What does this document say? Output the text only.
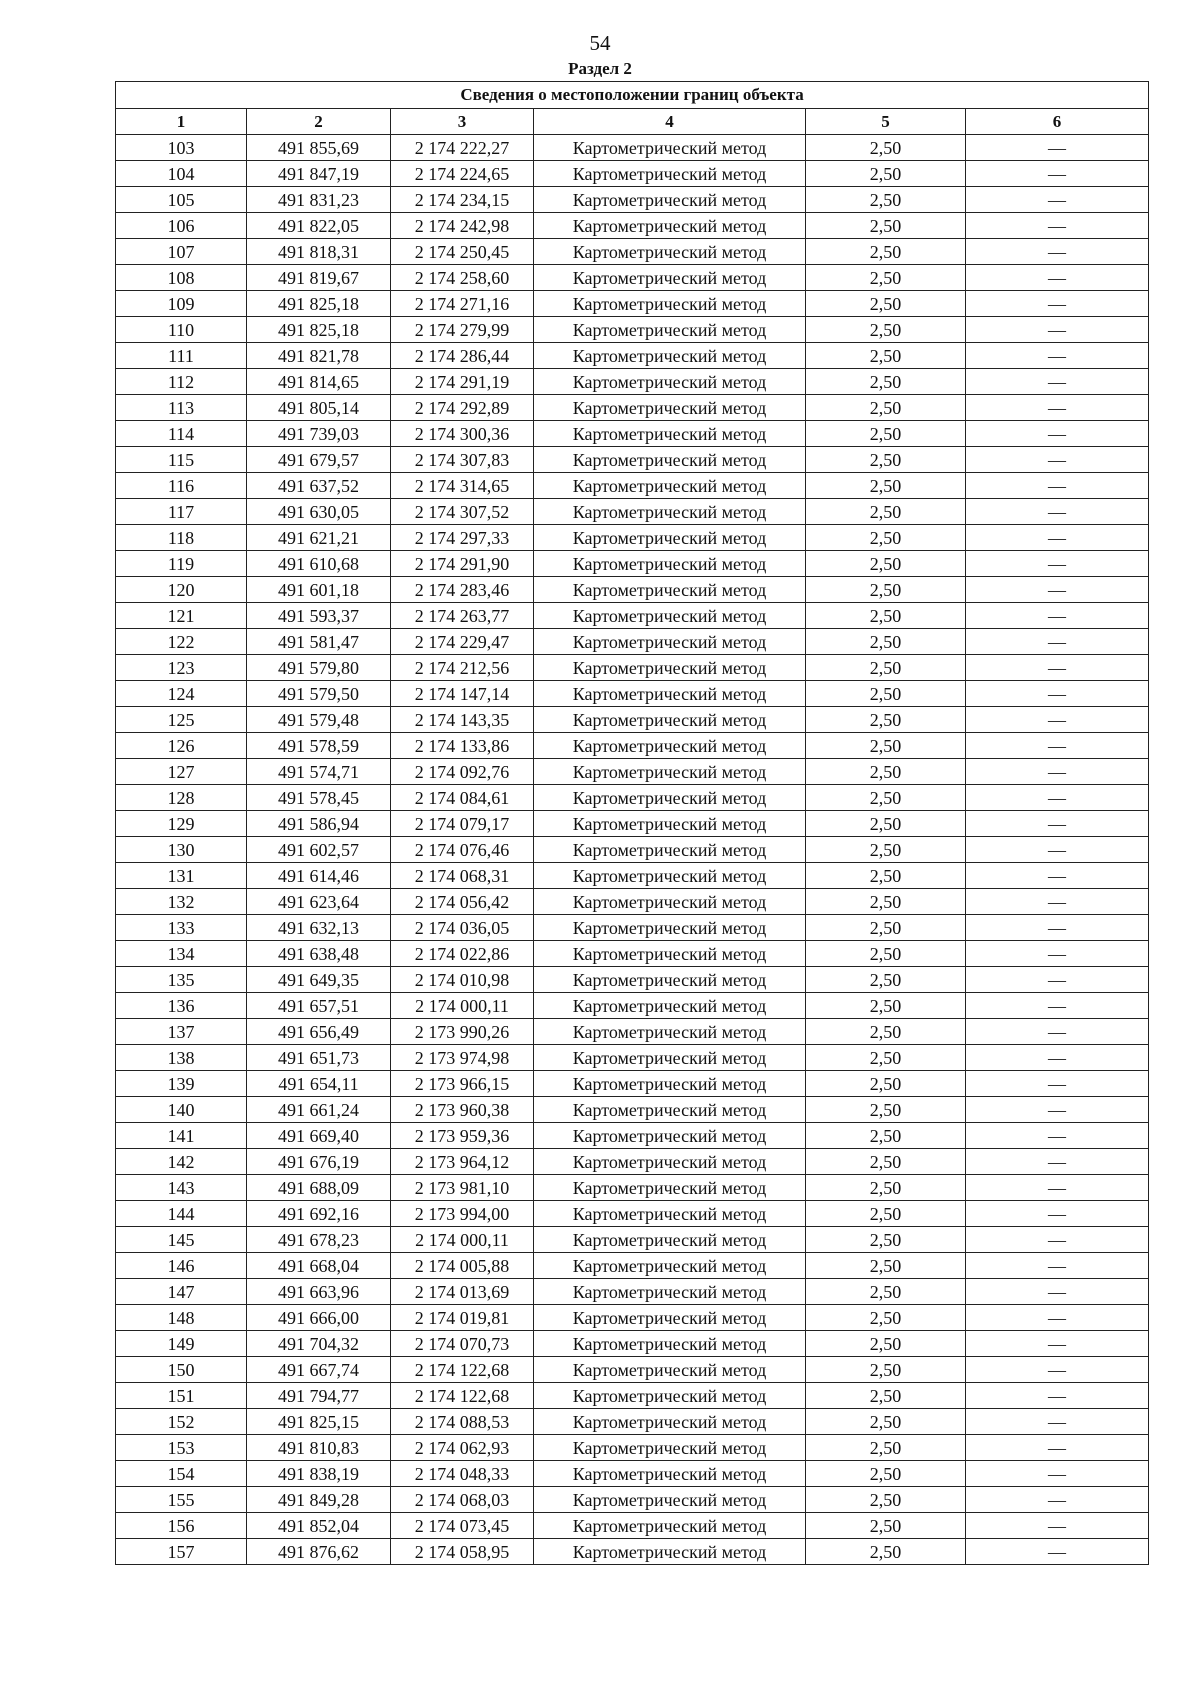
54
Раздел 2
Сведения о местоположении границ объекта					
1	2	3	4	5	6
103	491 855,69	2 174 222,27	Картометрический метод	2,50	—
104	491 847,19	2 174 224,65	Картометрический метод	2,50	—
105	491 831,23	2 174 234,15	Картометрический метод	2,50	—
106	491 822,05	2 174 242,98	Картометрический метод	2,50	—
107	491 818,31	2 174 250,45	Картометрический метод	2,50	—
108	491 819,67	2 174 258,60	Картометрический метод	2,50	—
109	491 825,18	2 174 271,16	Картометрический метод	2,50	—
110	491 825,18	2 174 279,99	Картометрический метод	2,50	—
111	491 821,78	2 174 286,44	Картометрический метод	2,50	—
112	491 814,65	2 174 291,19	Картометрический метод	2,50	—
113	491 805,14	2 174 292,89	Картометрический метод	2,50	—
114	491 739,03	2 174 300,36	Картометрический метод	2,50	—
115	491 679,57	2 174 307,83	Картометрический метод	2,50	—
116	491 637,52	2 174 314,65	Картометрический метод	2,50	—
117	491 630,05	2 174 307,52	Картометрический метод	2,50	—
118	491 621,21	2 174 297,33	Картометрический метод	2,50	—
119	491 610,68	2 174 291,90	Картометрический метод	2,50	—
120	491 601,18	2 174 283,46	Картометрический метод	2,50	—
121	491 593,37	2 174 263,77	Картометрический метод	2,50	—
122	491 581,47	2 174 229,47	Картометрический метод	2,50	—
123	491 579,80	2 174 212,56	Картометрический метод	2,50	—
124	491 579,50	2 174 147,14	Картометрический метод	2,50	—
125	491 579,48	2 174 143,35	Картометрический метод	2,50	—
126	491 578,59	2 174 133,86	Картометрический метод	2,50	—
127	491 574,71	2 174 092,76	Картометрический метод	2,50	—
128	491 578,45	2 174 084,61	Картометрический метод	2,50	—
129	491 586,94	2 174 079,17	Картометрический метод	2,50	—
130	491 602,57	2 174 076,46	Картометрический метод	2,50	—
131	491 614,46	2 174 068,31	Картометрический метод	2,50	—
132	491 623,64	2 174 056,42	Картометрический метод	2,50	—
133	491 632,13	2 174 036,05	Картометрический метод	2,50	—
134	491 638,48	2 174 022,86	Картометрический метод	2,50	—
135	491 649,35	2 174 010,98	Картометрический метод	2,50	—
136	491 657,51	2 174 000,11	Картометрический метод	2,50	—
137	491 656,49	2 173 990,26	Картометрический метод	2,50	—
138	491 651,73	2 173 974,98	Картометрический метод	2,50	—
139	491 654,11	2 173 966,15	Картометрический метод	2,50	—
140	491 661,24	2 173 960,38	Картометрический метод	2,50	—
141	491 669,40	2 173 959,36	Картометрический метод	2,50	—
142	491 676,19	2 173 964,12	Картометрический метод	2,50	—
143	491 688,09	2 173 981,10	Картометрический метод	2,50	—
144	491 692,16	2 173 994,00	Картометрический метод	2,50	—
145	491 678,23	2 174 000,11	Картометрический метод	2,50	—
146	491 668,04	2 174 005,88	Картометрический метод	2,50	—
147	491 663,96	2 174 013,69	Картометрический метод	2,50	—
148	491 666,00	2 174 019,81	Картометрический метод	2,50	—
149	491 704,32	2 174 070,73	Картометрический метод	2,50	—
150	491 667,74	2 174 122,68	Картометрический метод	2,50	—
151	491 794,77	2 174 122,68	Картометрический метод	2,50	—
152	491 825,15	2 174 088,53	Картометрический метод	2,50	—
153	491 810,83	2 174 062,93	Картометрический метод	2,50	—
154	491 838,19	2 174 048,33	Картометрический метод	2,50	—
155	491 849,28	2 174 068,03	Картометрический метод	2,50	—
156	491 852,04	2 174 073,45	Картометрический метод	2,50	—
157	491 876,62	2 174 058,95	Картометрический метод	2,50	—
